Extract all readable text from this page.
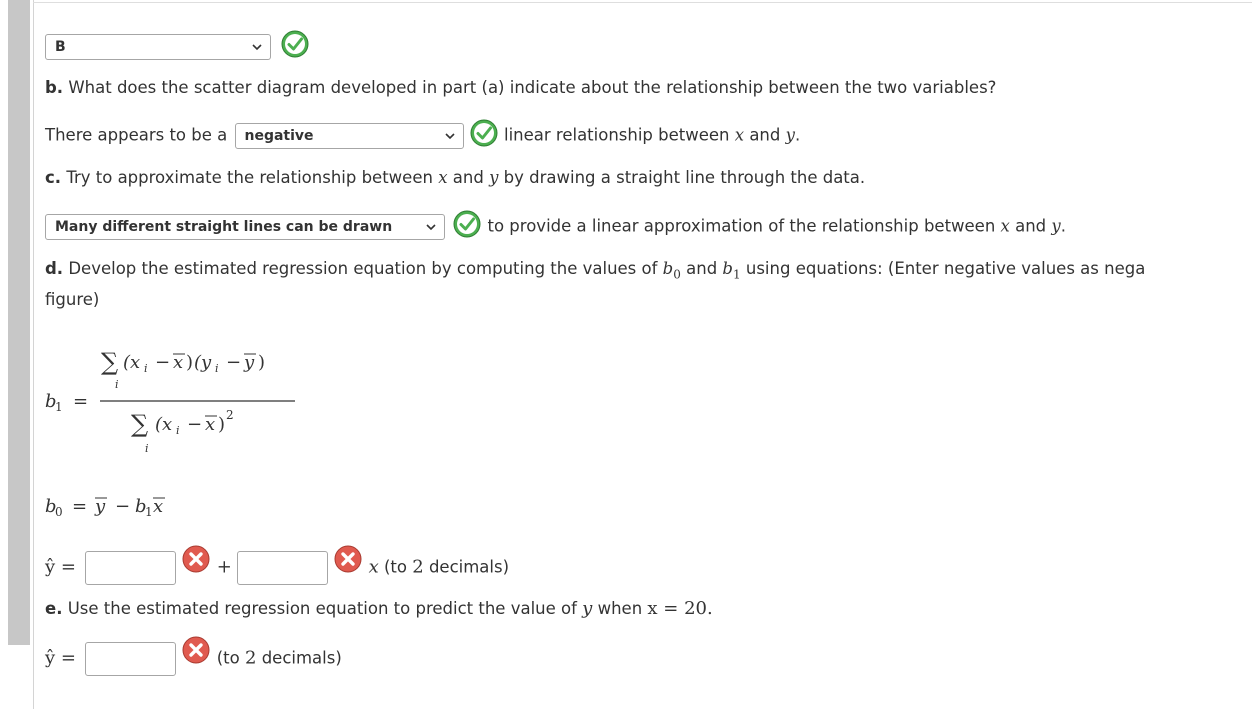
B

b. What does the scatter diagram developed in part (a) indicate about the relationship between the two variables?
There appears to be a negative	linear relationship between x and y.
c. Try to approximate the relationship between x and y by drawing a straight line through the data.
Many different straight lines can be drawn	to provide a linear approximation of the relationship between x and y.
d. Develop the estimated regression equation by computing the values of $b_0$ and $b_1$ using equations: (Enter negative values as nega
figure)
b
1 =
∑
i
(x i − x ) (y i − y )
∑
i
(x i − x ) 2
b
0 = y − b
1 x
ŷ =	+	x (to 2 decimals)
e. Use the estimated regression equation to predict the value of y when x = 20.
ŷ =	(to 2 decimals)
